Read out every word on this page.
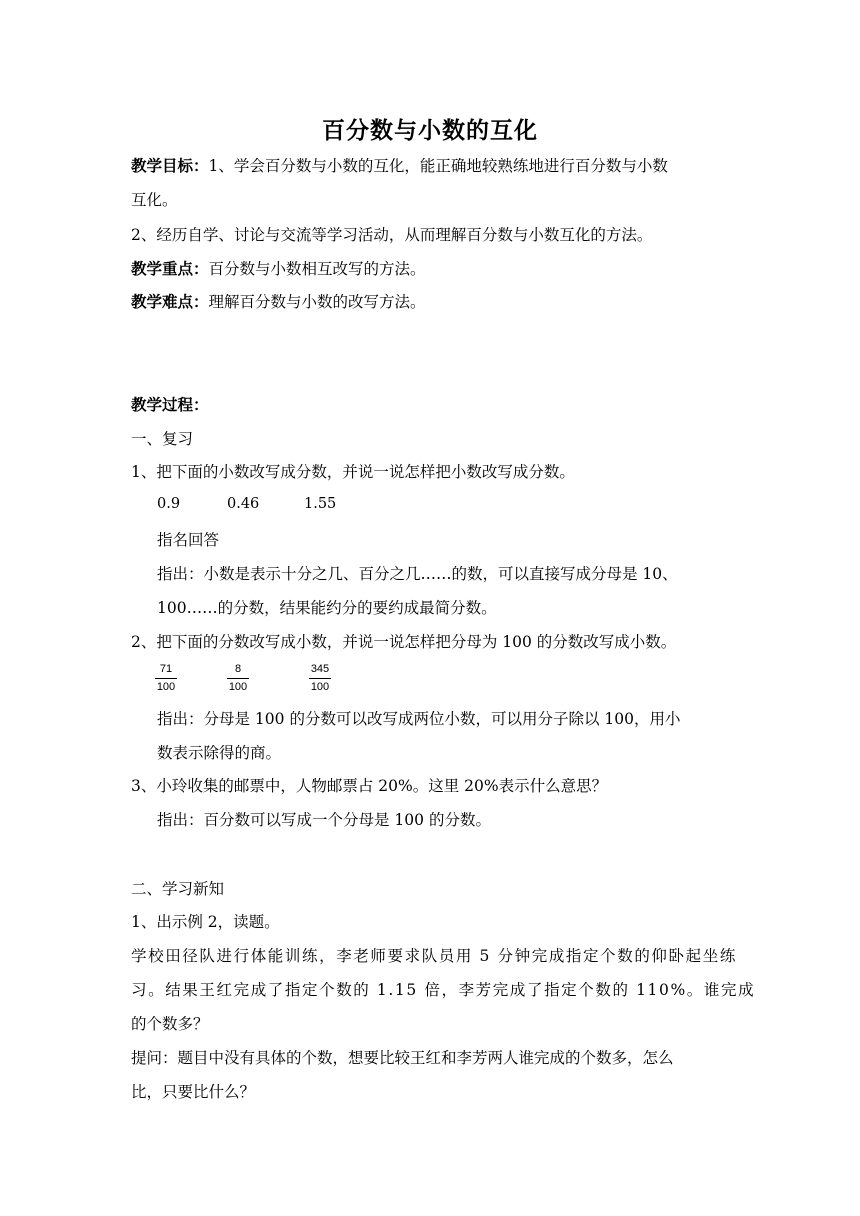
百分数与小数的互化
教学目标：1、学会百分数与小数的互化，能正确地较熟练地进行百分数与小数
互化。
2、经历自学、讨论与交流等学习活动，从而理解百分数与小数互化的方法。
教学重点：百分数与小数相互改写的方法。
教学难点：理解百分数与小数的改写方法。
教学过程：
一、复习
1、把下面的小数改写成分数，并说一说怎样把小数改写成分数。
0.9	0.46	1.55
指名回答
指出：小数是表示十分之几、百分之几……的数，可以直接写成分母是 10、
100……的分数，结果能约分的要约成最简分数。
2、把下面的分数改写成小数，并说一说怎样把分母为 100 的分数改写成小数。
71
100
8
100
345
100
指出：分母是 100 的分数可以改写成两位小数，可以用分子除以 100，用小
数表示除得的商。
3、小玲收集的邮票中，人物邮票占 20%。这里 20%表示什么意思？
指出：百分数可以写成一个分母是 100 的分数。
二、学习新知
1、出示例 2，读题。
学校田径队进行体能训练，李老师要求队员用 5 分钟完成指定个数的仰卧起坐练
习。结果王红完成了指定个数的 1.15 倍，李芳完成了指定个数的 110%。谁完成
的个数多？
提问：题目中没有具体的个数，想要比较王红和李芳两人谁完成的个数多，怎么
比，只要比什么？
